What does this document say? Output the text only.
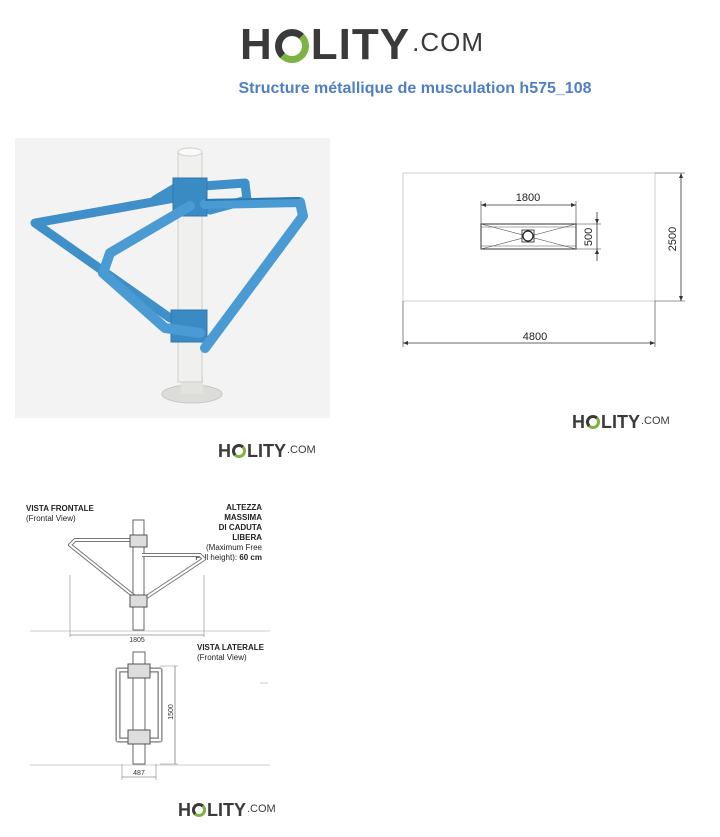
H LITY .COM
Structure métallique de musculation h575_108
H LITY .COM
1800
500	2500
4800
H LITY .COM
VISTA FRONTALE
(Frontal View)
ALTEZZA MASSIMA
DI CADUTA LIBERA
(Maximum Free
Fall height): 60 cm
VISTA LATERALE
(Frontal View)
1805
1500
487
H LITY .COM
